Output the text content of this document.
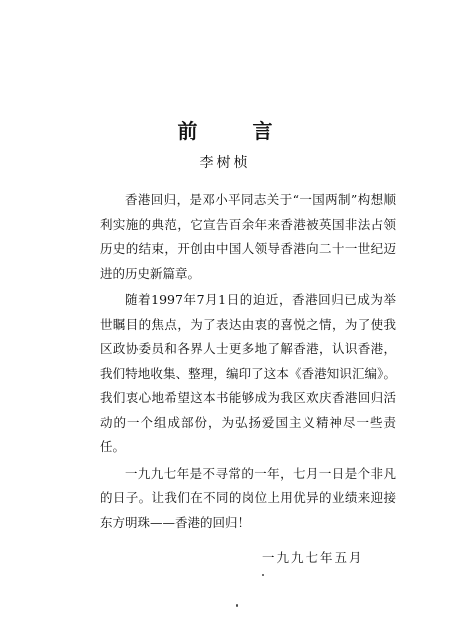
前 言
李树桢

香港回归，是邓小平同志关于“一国两制”构想顺利实施的典范，它宣告百余年来香港被英国非法占领历史的结束，开创由中国人领导香港向二十一世纪迈进的历史新篇章。

随着1997年7月1日的迫近，香港回归已成为举世瞩目的焦点，为了表达由衷的喜悦之情，为了使我区政协委员和各界人士更多地了解香港，认识香港，我们特地收集、整理，编印了这本《香港知识汇编》。我们衷心地希望这本书能够成为我区欢庆香港回归活动的一个组成部份，为弘扬爱国主义精神尽一些责任。

一九九七年是不寻常的一年，七月一日是个非凡的日子。让我们在不同的岗位上用优异的业绩来迎接东方明珠——香港的回归！

一九九七年五月
